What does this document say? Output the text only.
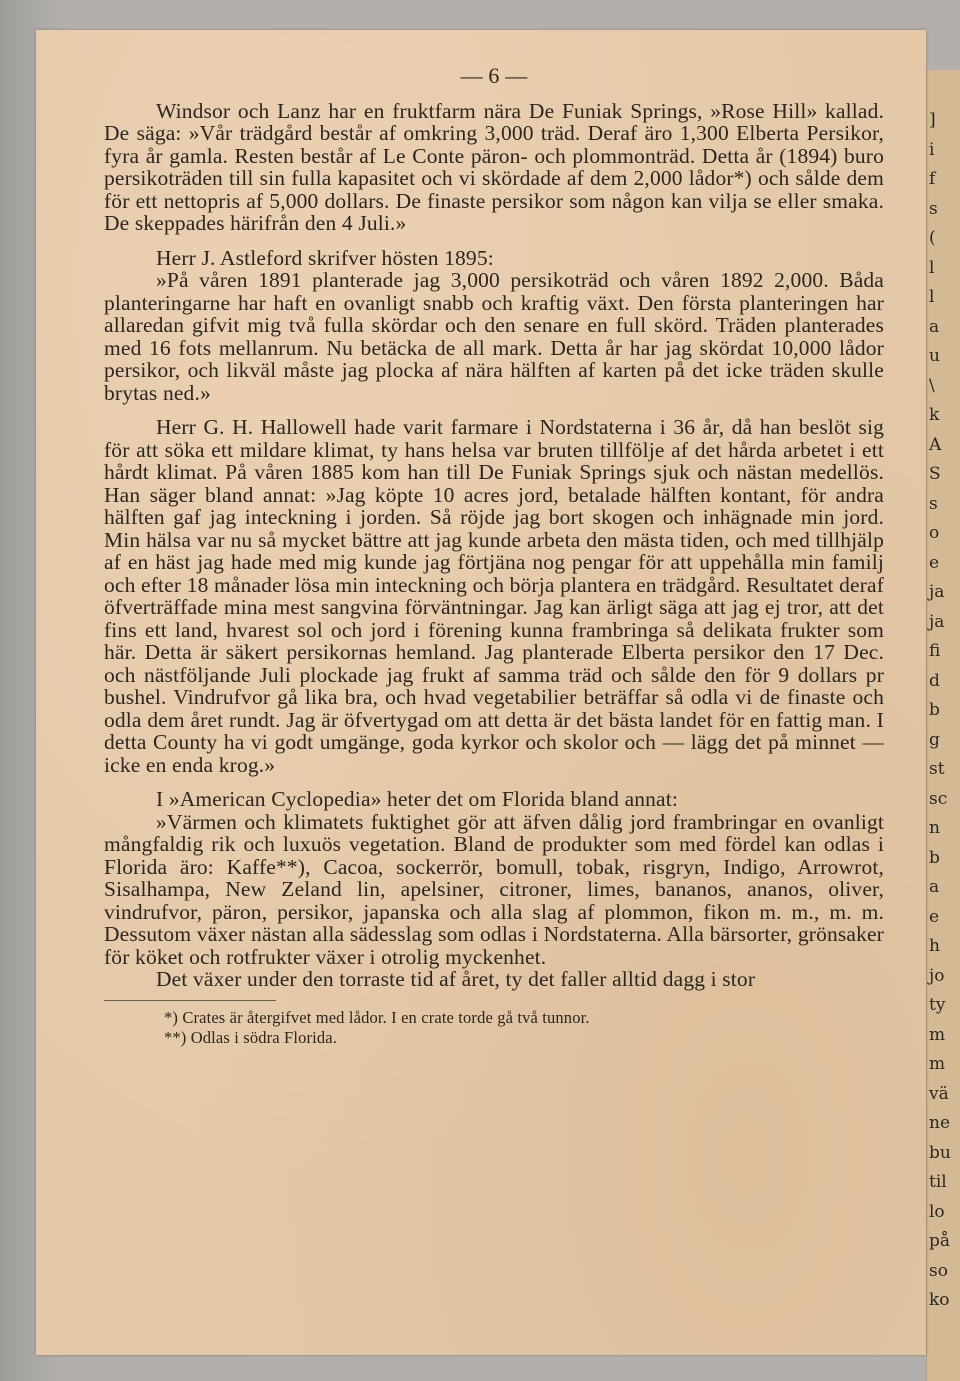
]
i
f
s
(
l
l
a
u
\
k
A
S
s
o
e
ja
ja
fi
d
b
g
st
sc
n
b
a
e
h
jo
ty
m
m
vä
ne
bu
til
lo
på
so
ko
— 6 —

Windsor och Lanz har en fruktfarm nära De Funiak Springs, »Rose Hill» kallad. De säga: »Vår trädgård består af omkring 3,000 träd. Deraf äro 1,300 Elberta Persikor, fyra år gamla. Resten består af Le Conte päron- och plommonträd. Detta år (1894) buro persikoträden till sin fulla kapasitet och vi skördade af dem 2,000 lådor*) och sålde dem för ett nettopris af 5,000 dollars. De finaste persikor som någon kan vilja se eller smaka. De skeppades härifrån den 4 Juli.»

Herr J. Astleford skrifver hösten 1895:

»På våren 1891 planterade jag 3,000 persikoträd och våren 1892 2,000. Båda planteringarne har haft en ovanligt snabb och kraftig växt. Den första planteringen har allaredan gifvit mig två fulla skördar och den senare en full skörd. Träden planterades med 16 fots mellanrum. Nu betäcka de all mark. Detta år har jag skördat 10,000 lådor persikor, och likväl måste jag plocka af nära hälften af karten på det icke träden skulle brytas ned.»

Herr G. H. Hallowell hade varit farmare i Nordstaterna i 36 år, då han beslöt sig för att söka ett mildare klimat, ty hans helsa var bruten tillfölje af det hårda arbetet i ett hårdt klimat. På våren 1885 kom han till De Funiak Springs sjuk och nästan medellös. Han säger bland annat: »Jag köpte 10 acres jord, betalade hälften kontant, för andra hälften gaf jag inteckning i jorden. Så röjde jag bort skogen och inhägnade min jord. Min hälsa var nu så mycket bättre att jag kunde arbeta den mästa tiden, och med tillhjälp af en häst jag hade med mig kunde jag förtjäna nog pengar för att uppehålla min familj och efter 18 månader lösa min inteckning och börja plantera en trädgård. Resultatet deraf öfverträffade mina mest sangvina förväntningar. Jag kan ärligt säga att jag ej tror, att det fins ett land, hvarest sol och jord i förening kunna frambringa så delikata frukter som här. Detta är säkert persikornas hemland. Jag planterade Elberta persikor den 17 Dec. och nästföljande Juli plockade jag frukt af samma träd och sålde den för 9 dollars pr bushel. Vindrufvor gå lika bra, och hvad vegetabilier beträffar så odla vi de finaste och odla dem året rundt. Jag är öfvertygad om att detta är det bästa landet för en fattig man. I detta County ha vi godt umgänge, goda kyrkor och skolor och — lägg det på minnet — icke en enda krog.»

I »American Cyclopedia» heter det om Florida bland annat:

»Värmen och klimatets fuktighet gör att äfven dålig jord frambringar en ovanligt mångfaldig rik och luxuös vegetation. Bland de produkter som med fördel kan odlas i Florida äro: Kaffe**), Cacoa, sockerrör, bomull, tobak, risgryn, Indigo, Arrowrot, Sisalhampa, New Zeland lin, apelsiner, citroner, limes, bananos, ananos, oliver, vindrufvor, päron, persikor, japanska och alla slag af plommon, fikon m. m., m. m. Dessutom växer nästan alla sädesslag som odlas i Nordstaterna. Alla bärsorter, grönsaker för köket och rotfrukter växer i otrolig myckenhet.

Det växer under den torraste tid af året, ty det faller alltid dagg i stor

*) Crates är återgifvet med lådor. I en crate torde gå två tunnor.

**) Odlas i södra Florida.
